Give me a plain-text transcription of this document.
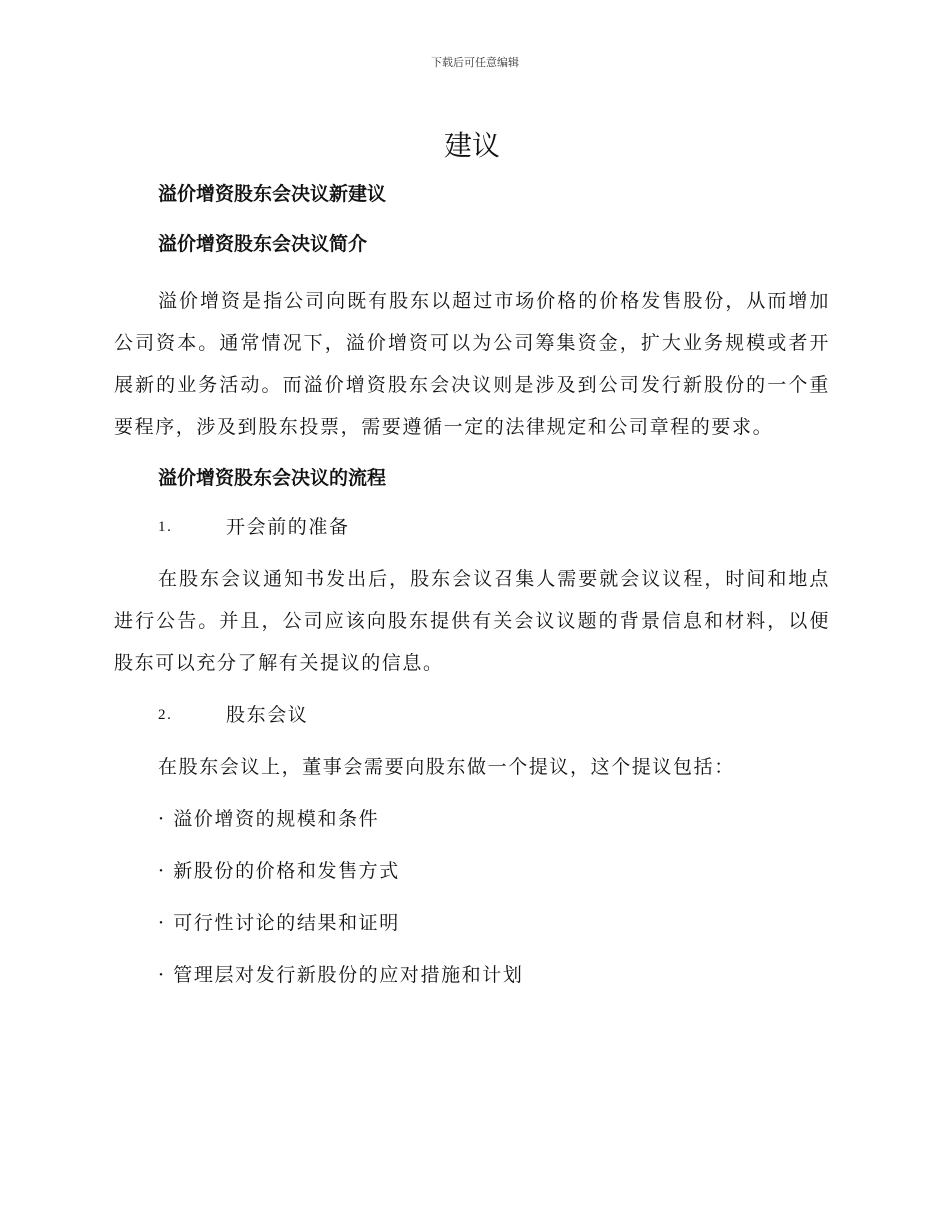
下载后可任意编辑
建议
溢价增资股东会决议新建议
溢价增资股东会决议简介

溢价增资是指公司向既有股东以超过市场价格的价格发售股份，从而增加公司资本。通常情况下，溢价增资可以为公司筹集资金，扩大业务规模或者开展新的业务活动。而溢价增资股东会决议则是涉及到公司发行新股份的一个重要程序，涉及到股东投票，需要遵循一定的法律规定和公司章程的要求。

溢价增资股东会决议的流程
1.	开会前的准备

在股东会议通知书发出后，股东会议召集人需要就会议议程，时间和地点进行公告。并且，公司应该向股东提供有关会议议题的背景信息和材料，以便股东可以充分了解有关提议的信息。

2.	股东会议

在股东会议上，董事会需要向股东做一个提议，这个提议包括：

· 溢价增资的规模和条件
· 新股份的价格和发售方式
· 可行性讨论的结果和证明
· 管理层对发行新股份的应对措施和计划
